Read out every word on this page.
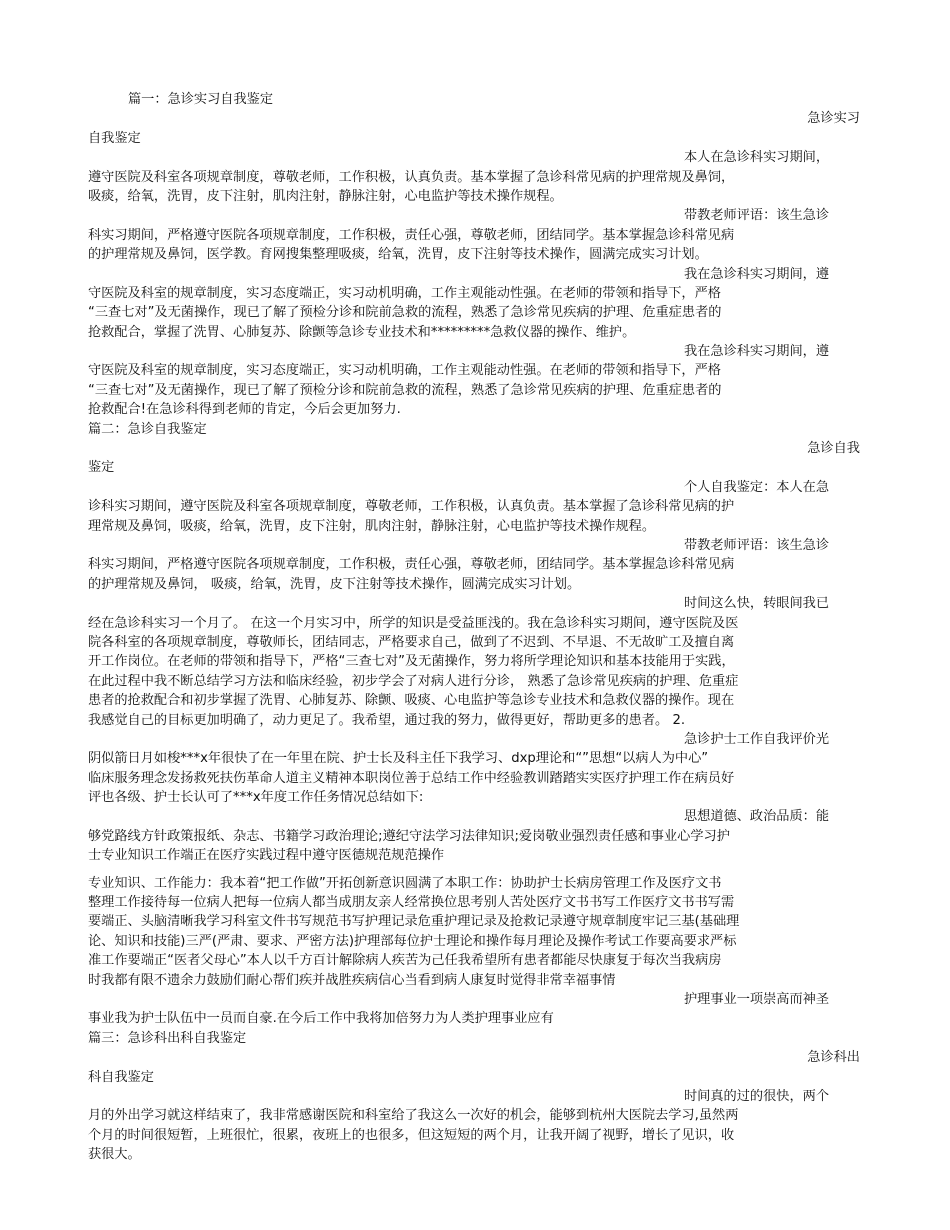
篇一：急诊实习自我鉴定
急诊实习
自我鉴定
本人在急诊科实习期间，
遵守医院及科室各项规章制度，尊敬老师，工作积极，认真负责。基本掌握了急诊科常见病的护理常规及鼻饲，
吸痰，给氧，洗胃，皮下注射，肌肉注射，静脉注射，心电监护等技术操作规程。
带教老师评语：该生急诊
科实习期间，严格遵守医院各项规章制度，工作积极，责任心强，尊敬老师，团结同学。基本掌握急诊科常见病
的护理常规及鼻饲，医学教。育网搜集整理吸痰，给氧，洗胃，皮下注射等技术操作，圆满完成实习计划。
我在急诊科实习期间，遵
守医院及科室的规章制度，实习态度端正，实习动机明确，工作主观能动性强。在老师的带领和指导下，严格
“三查七对”及无菌操作，现已了解了预检分诊和院前急救的流程，熟悉了急诊常见疾病的护理、危重症患者的
抢救配合，掌握了洗胃、心肺复苏、除颤等急诊专业技术和*********急救仪器的操作、维护。
我在急诊科实习期间，遵
守医院及科室的规章制度，实习态度端正，实习动机明确，工作主观能动性强。在老师的带领和指导下，严格
“三查七对”及无菌操作，现已了解了预检分诊和院前急救的流程，熟悉了急诊常见疾病的护理、危重症患者的
抢救配合!在急诊科得到老师的肯定，今后会更加努力.
篇二：急诊自我鉴定
急诊自我
鉴定
个人自我鉴定：本人在急
诊科实习期间，遵守医院及科室各项规章制度，尊敬老师，工作积极，认真负责。基本掌握了急诊科常见病的护
理常规及鼻饲，吸痰，给氧，洗胃，皮下注射，肌肉注射，静脉注射，心电监护等技术操作规程。
带教老师评语：该生急诊
科实习期间，严格遵守医院各项规章制度，工作积极，责任心强，尊敬老师，团结同学。基本掌握急诊科常见病
的护理常规及鼻饲， 吸痰，给氧，洗胃，皮下注射等技术操作，圆满完成实习计划。
时间这么快，转眼间我已
经在急诊科实习一个月了。 在这一个月实习中，所学的知识是受益匪浅的。我在急诊科实习期间，遵守医院及医
院各科室的各项规章制度，尊敬师长，团结同志，严格要求自己，做到了不迟到、不早退、不无故旷工及擅自离
开工作岗位。在老师的带领和指导下，严格“三查七对”及无菌操作，努力将所学理论知识和基本技能用于实践，
在此过程中我不断总结学习方法和临床经验，初步学会了对病人进行分诊， 熟悉了急诊常见疾病的护理、危重症
患者的抢救配合和初步掌握了洗胃、心肺复苏、除颤、吸痰、心电监护等急诊专业技术和急救仪器的操作。现在
我感觉自己的目标更加明确了，动力更足了。我希望，通过我的努力，做得更好，帮助更多的患者。 2.
急诊护士工作自我评价光
阴似箭日月如梭***x年很快了在一年里在院、护士长及科主任下我学习、dxp理论和“”思想“以病人为中心”
临床服务理念发扬救死扶伤革命人道主义精神本职岗位善于总结工作中经验教训踏踏实实医疗护理工作在病员好
评也各级、护士长认可了***x年度工作任务情况总结如下:
思想道德、政治品质：能
够党路线方针政策报纸、杂志、书籍学习政治理论;遵纪守法学习法律知识;爱岗敬业强烈责任感和事业心学习护
士专业知识工作端正在医疗实践过程中遵守医德规范规范操作
专业知识、工作能力：我本着“把工作做”开拓创新意识圆满了本职工作：协助护士长病房管理工作及医疗文书
整理工作接待每一位病人把每一位病人都当成朋友亲人经常换位思考别人苦处医疗文书书写工作医疗文书书写需
要端正、头脑清晰我学习科室文件书写规范书写护理记录危重护理记录及抢救记录遵守规章制度牢记三基(基础理
论、知识和技能)三严(严肃、要求、严密方法)护理部每位护士理论和操作每月理论及操作考试工作要高要求严标
准工作要端正“医者父母心”本人以千方百计解除病人疾苦为己任我希望所有患者都能尽快康复于每次当我病房
时我都有限不遗余力鼓励们耐心帮们疾并战胜疾病信心当看到病人康复时觉得非常幸福事情
护理事业一项崇高而神圣
事业我为护士队伍中一员而自豪.在今后工作中我将加倍努力为人类护理事业应有
篇三：急诊科出科自我鉴定
急诊科出
科自我鉴定
时间真的过的很快，两个
月的外出学习就这样结束了，我非常感谢医院和科室给了我这么一次好的机会，能够到杭州大医院去学习,虽然两
个月的时间很短暂，上班很忙，很累，夜班上的也很多，但这短短的两个月，让我开阔了视野，增长了见识，收
获很大。
